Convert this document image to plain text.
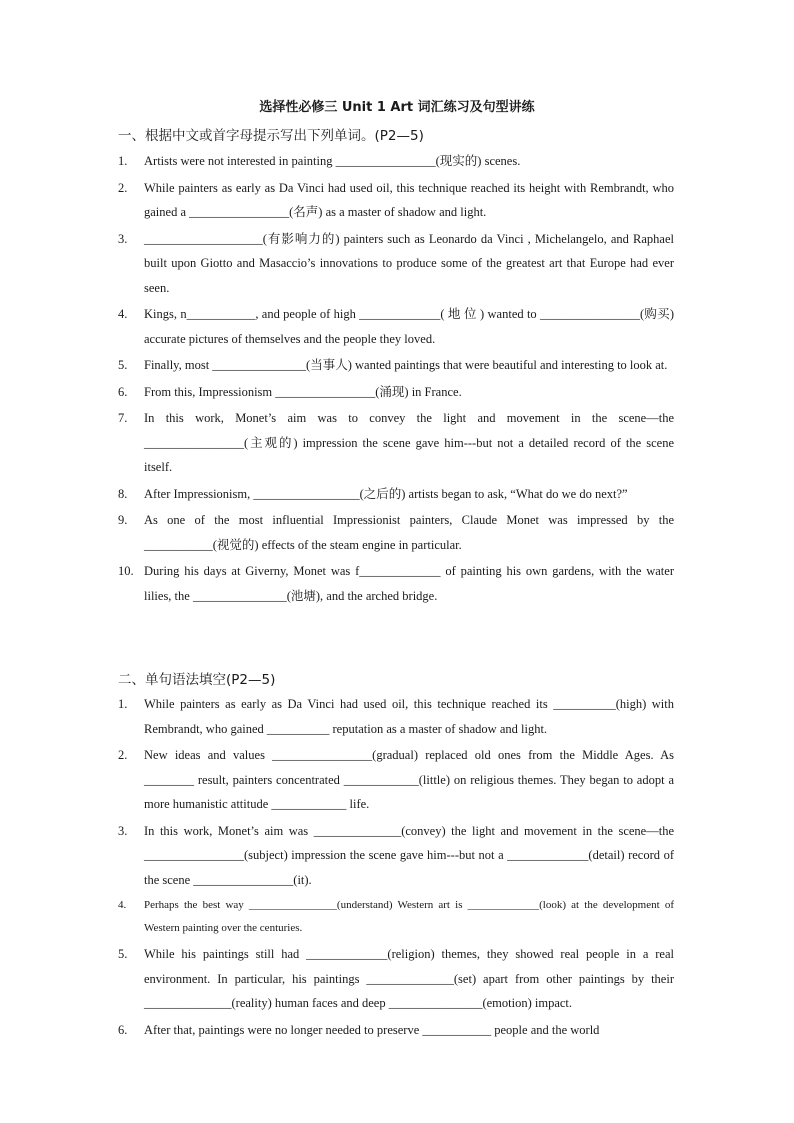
选择性必修三 Unit 1 Art 词汇练习及句型讲练
一、根据中文或首字母提示写出下列单词。(P2—5)
1. Artists were not interested in painting ________________(现实的) scenes.
2. While painters as early as Da Vinci had used oil, this technique reached its height with Rembrandt, who gained a ________________(名声) as a master of shadow and light.
3. ___________________(有影响力的) painters such as Leonardo da Vinci , Michelangelo, and Raphael built upon Giotto and Masaccio’s innovations to produce some of the greatest art that Europe had ever seen.
4. Kings, n___________, and people of high _____________( 地 位 ) wanted to ________________(购买) accurate pictures of themselves and the people they loved.
5. Finally, most _______________(当事人) wanted paintings that were beautiful and interesting to look at.
6. From this, Impressionism ________________(涌现) in France.
7. In this work, Monet’s aim was to convey the light and movement in the scene—the ________________(主观的) impression the scene gave him---but not a detailed record of the scene itself.
8. After Impressionism, _________________(之后的) artists began to ask, “What do we do next?”
9. As one of the most influential Impressionist painters, Claude Monet was impressed by the ___________(视觉的) effects of the steam engine in particular.
10. During his days at Giverny, Monet was f_____________ of painting his own gardens, with the water lilies, the _______________(池塘), and the arched bridge.
二、单句语法填空(P2—5)
1. While painters as early as Da Vinci had used oil, this technique reached its __________(high) with Rembrandt, who gained __________ reputation as a master of shadow and light.
2. New ideas and values ________________(gradual) replaced old ones from the Middle Ages. As ________ result, painters concentrated ____________(little) on religious themes. They began to adopt a more humanistic attitude ____________ life.
3. In this work, Monet’s aim was ______________(convey) the light and movement in the scene—the ________________(subject) impression the scene gave him---but not a _____________(detail) record of the scene ________________(it).
4. Perhaps the best way ________________(understand) Western art is _____________(look) at the development of Western painting over the centuries.
5. While his paintings still had _____________(religion) themes, they showed real people in a real environment. In particular, his paintings ______________(set) apart from other paintings by their ______________(reality) human faces and deep _______________(emotion) impact.
6. After that, paintings were no longer needed to preserve ___________ people and the world
